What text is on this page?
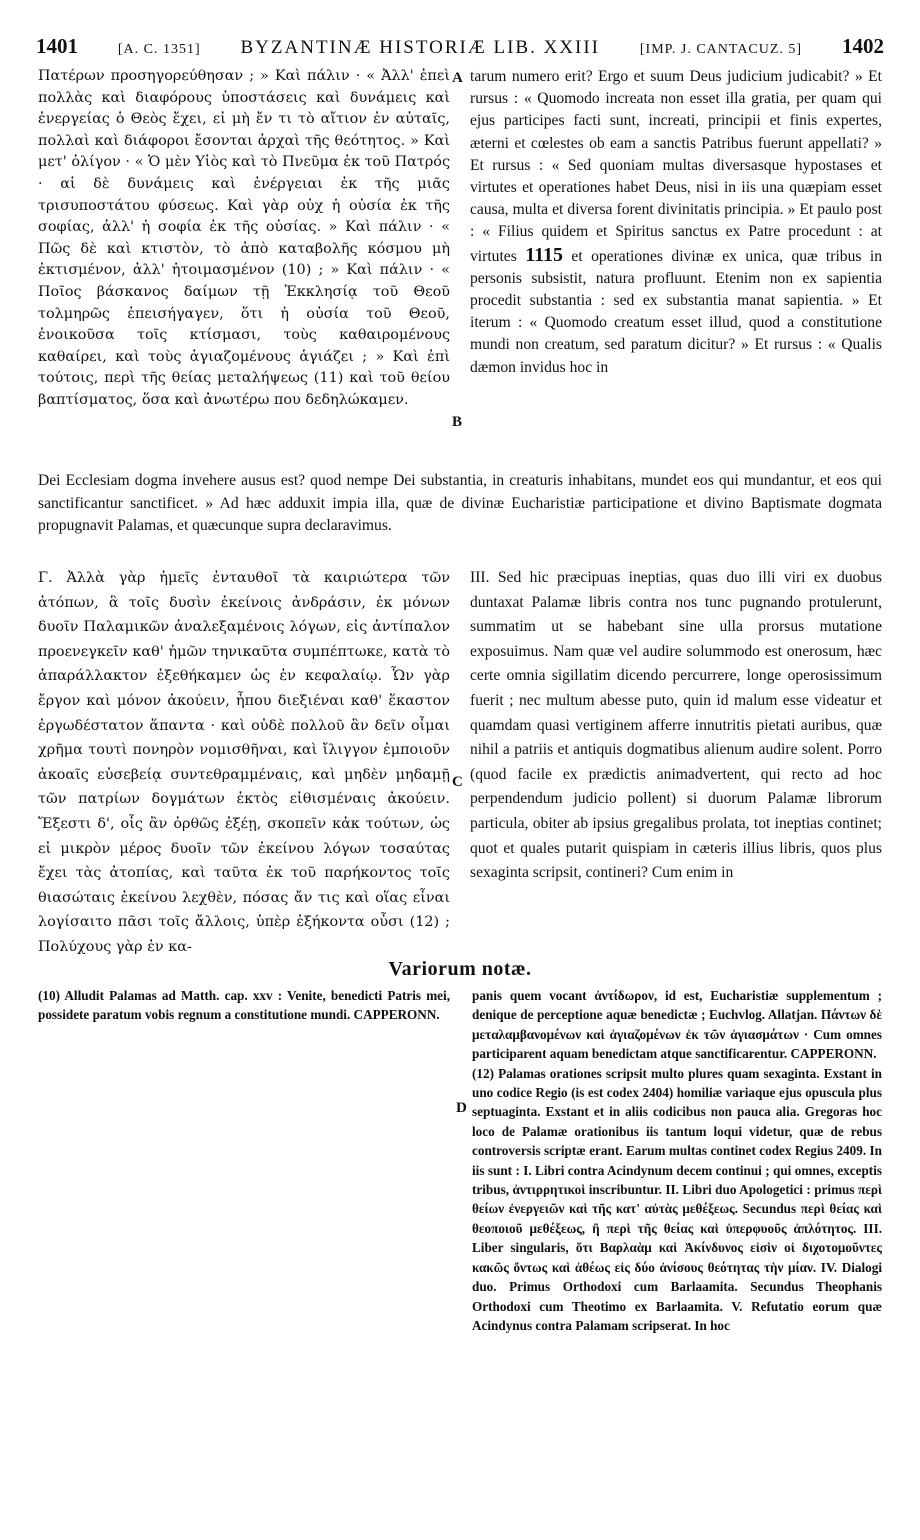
1401	[A. C. 1351] BYZANTINÆ HISTORIÆ LIB. XXIII	[IMP. J. CANTACUZ. 5] 1402

Πατέρων προσηγορεύθησαν ; » Καὶ πάλιν · « Ἀλλ' ἐπεὶ πολλὰς καὶ διαφόρους ὑποστάσεις καὶ δυνάμεις καὶ ἐνεργείας ὁ Θεὸς ἔχει, εἰ μὴ ἔν τι τὸ αἴτιον ἐν αὐταῖς, πολλαὶ καὶ διάφοροι ἔσονται ἀρχαὶ τῆς θεότητος. » Καὶ μετ' ὀλίγον · « Ὁ μὲν Υἱὸς καὶ τὸ Πνεῦμα ἐκ τοῦ Πατρός · αἱ δὲ δυνάμεις καὶ ἐνέργειαι ἐκ τῆς μιᾶς τρισυποστάτου φύσεως. Καὶ γὰρ οὐχ ἡ οὐσία ἐκ τῆς σοφίας, ἀλλ' ἡ σοφία ἐκ τῆς οὐσίας. » Καὶ πάλιν · « Πῶς δὲ καὶ κτιστὸν, τὸ ἀπὸ καταβολῆς κόσμου μὴ ἐκτισμένον, ἀλλ' ἡτοιμασμένον (10) ; » Καὶ πάλιν · « Ποῖος βάσκανος δαίμων τῇ Ἐκκλησίᾳ τοῦ Θεοῦ τολμηρῶς ἐπεισήγαγεν, ὅτι ἡ οὐσία τοῦ Θεοῦ, ἐνοικοῦσα τοῖς κτίσμασι, τοὺς καθαιρομένους καθαίρει, καὶ τοὺς ἁγιαζομένους ἁγιάζει ; » Καὶ ἐπὶ τούτοις, περὶ τῆς θείας μεταλήψεως (11) καὶ τοῦ θείου βαπτίσματος, ὅσα καὶ ἀνωτέρω που δεδηλώκαμεν.

A
B
tarum numero erit? Ergo et suum Deus judicium judicabit? » Et rursus : « Quomodo increata non esset illa gratia, per quam qui ejus participes facti sunt, increati, principii et finis expertes, æterni et cœlestes ob eam a sanctis Patribus fuerunt appellati? » Et rursus : « Sed quoniam multas diversasque hypostases et virtutes et operationes habet Deus, nisi in iis una quæpiam esset causa, multa et diversa forent divinitatis principia. » Et paulo post : « Filius quidem et Spiritus sanctus ex Patre procedunt : at virtutes 1115 et operationes divinæ ex unica, quæ tribus in personis subsistit, natura profluunt. Etenim non ex sapientia procedit substantia : sed ex substantia manat sapientia. » Et iterum : « Quomodo creatum esset illud, quod a constitutione mundi non creatum, sed paratum dicitur? » Et rursus : « Qualis dæmon invidus hoc in

Dei Ecclesiam dogma invehere ausus est? quod nempe Dei substantia, in creaturis inhabitans, mundet eos qui mundantur, et eos qui sanctificantur sanctificet. » Ad hæc adduxit impia illa, quæ de divinæ Eucharistiæ participatione et divino Baptismate dogmata propugnavit Palamas, et quæcunque supra declaravimus.

Γ. Ἀλλὰ γὰρ ἡμεῖς ἐνταυθοῖ τὰ καιριώτερα τῶν ἀτόπων, ἃ τοῖς δυσὶν ἐκείνοις ἀνδράσιν, ἐκ μόνων δυοῖν Παλαμικῶν ἀναλεξαμένοις λόγων, εἰς ἀντίπαλον προενεγκεῖν καθ' ἡμῶν τηνικαῦτα συμπέπτωκε, κατὰ τὸ ἀπαράλλακτον ἐξεθήκαμεν ὡς ἐν κεφαλαίῳ. Ὧν γὰρ ἔργον καὶ μόνον ἀκούειν, ἦπου διεξιέναι καθ' ἕκαστον ἐργωδέστατον ἅπαντα · καὶ οὐδὲ πολλοῦ ἂν δεῖν οἶμαι χρῆμα τουτὶ πονηρὸν νομισθῆναι, καὶ ἴλιγγον ἐμποιοῦν ἀκοαῖς εὐσεβείᾳ συντεθραμμέναις, καὶ μηδὲν μηδαμῇ τῶν πατρίων δογμάτων ἐκτὸς εἰθισμέναις ἀκούειν. Ἔξεστι δ', οἷς ἂν ὀρθῶς ἐξέῃ, σκοπεῖν κἀκ τούτων, ὡς εἰ μικρὸν μέρος δυοῖν τῶν ἐκείνου λόγων τοσαύτας ἔχει τὰς ἀτοπίας, καὶ ταῦτα ἐκ τοῦ παρήκοντος τοῖς θιασώταις ἐκείνου λεχθὲν, πόσας ἄν τις καὶ οἵας εἶναι λογίσαιτο πᾶσι τοῖς ἄλλοις, ὑπὲρ ἑξήκοντα οὖσι (12) ; Πολύχους γὰρ ἐν κα-

C

III. Sed hic præcipuas ineptias, quas duo illi viri ex duobus duntaxat Palamæ libris contra nos tunc pugnando protulerunt, summatim ut se habebant sine ulla prorsus mutatione exposuimus. Nam quæ vel audire solummodo est onerosum, hæc certe omnia sigillatim dicendo percurrere, longe operosissimum fuerit ; nec multum abesse puto, quin id malum esse videatur et quamdam quasi vertiginem afferre innutritis pietati auribus, quæ nihil a patriis et antiquis dogmatibus alienum audire solent. Porro (quod facile ex prædictis animadvertent, qui recto ad hoc perpendendum judicio pollent) si duorum Palamæ librorum particula, obiter ab ipsius gregalibus prolata, tot ineptias continet; quot et quales putarit quispiam in cæteris illius libris, quos plus sexaginta scripsit, contineri? Cum enim in

Variorum notæ.

(10) Alludit Palamas ad Matth. cap. xxv : Venite, benedicti Patris mei, possidete paratum vobis regnum a constitutione mundi. CAPPERONN.

D

panis quem vocant ἀντίδωρον, id est, Eucharistiæ supplementum ; denique de perceptione aquæ benedictæ ; Euchvlog. Allatjan. Πάντων δὲ μεταλαμβανομένων καὶ ἁγιαζομένων ἐκ τῶν ἁγιασμάτων · Cum omnes participarent aquam benedictam atque sanctificarentur. CAPPERONN.

(12) Palamas orationes scripsit multo plures quam sexaginta. Exstant in uno codice Regio (is est codex 2404) homiliæ variaque ejus opuscula plus septuaginta. Exstant et in aliis codicibus non pauca alia. Gregoras hoc loco de Palamæ orationibus iis tantum loqui videtur, quæ de rebus controversis scriptæ erant. Earum multas continet codex Regius 2409. In iis sunt : I. Libri contra Acindynum decem continui ; qui omnes, exceptis tribus, ἀντιρρητικοὶ inscribuntur. II. Libri duo Apologetici : primus περὶ θείων ἐνεργειῶν καὶ τῆς κατ' αὐτὰς μεθέξεως. Secundus περὶ θείας καὶ θεοποιοῦ μεθέξεως, ἢ περὶ τῆς θείας καὶ ὑπερφυοῦς ἁπλότητος. III. Liber singularis, ὅτι Βαρλαὰμ καὶ Ἀκίνδυνος εἰσὶν οἱ διχοτομοῦντες κακῶς ὄντως καὶ ἀθέως εἰς δύο ἀνίσους θεότητας τὴν μίαν. IV. Dialogi duo. Primus Orthodoxi cum Barlaamita. Secundus Theophanis Orthodoxi cum Theotimo ex Barlaamita. V. Refutatio eorum quæ Acindynus contra Palamam scripserat. In hoc
